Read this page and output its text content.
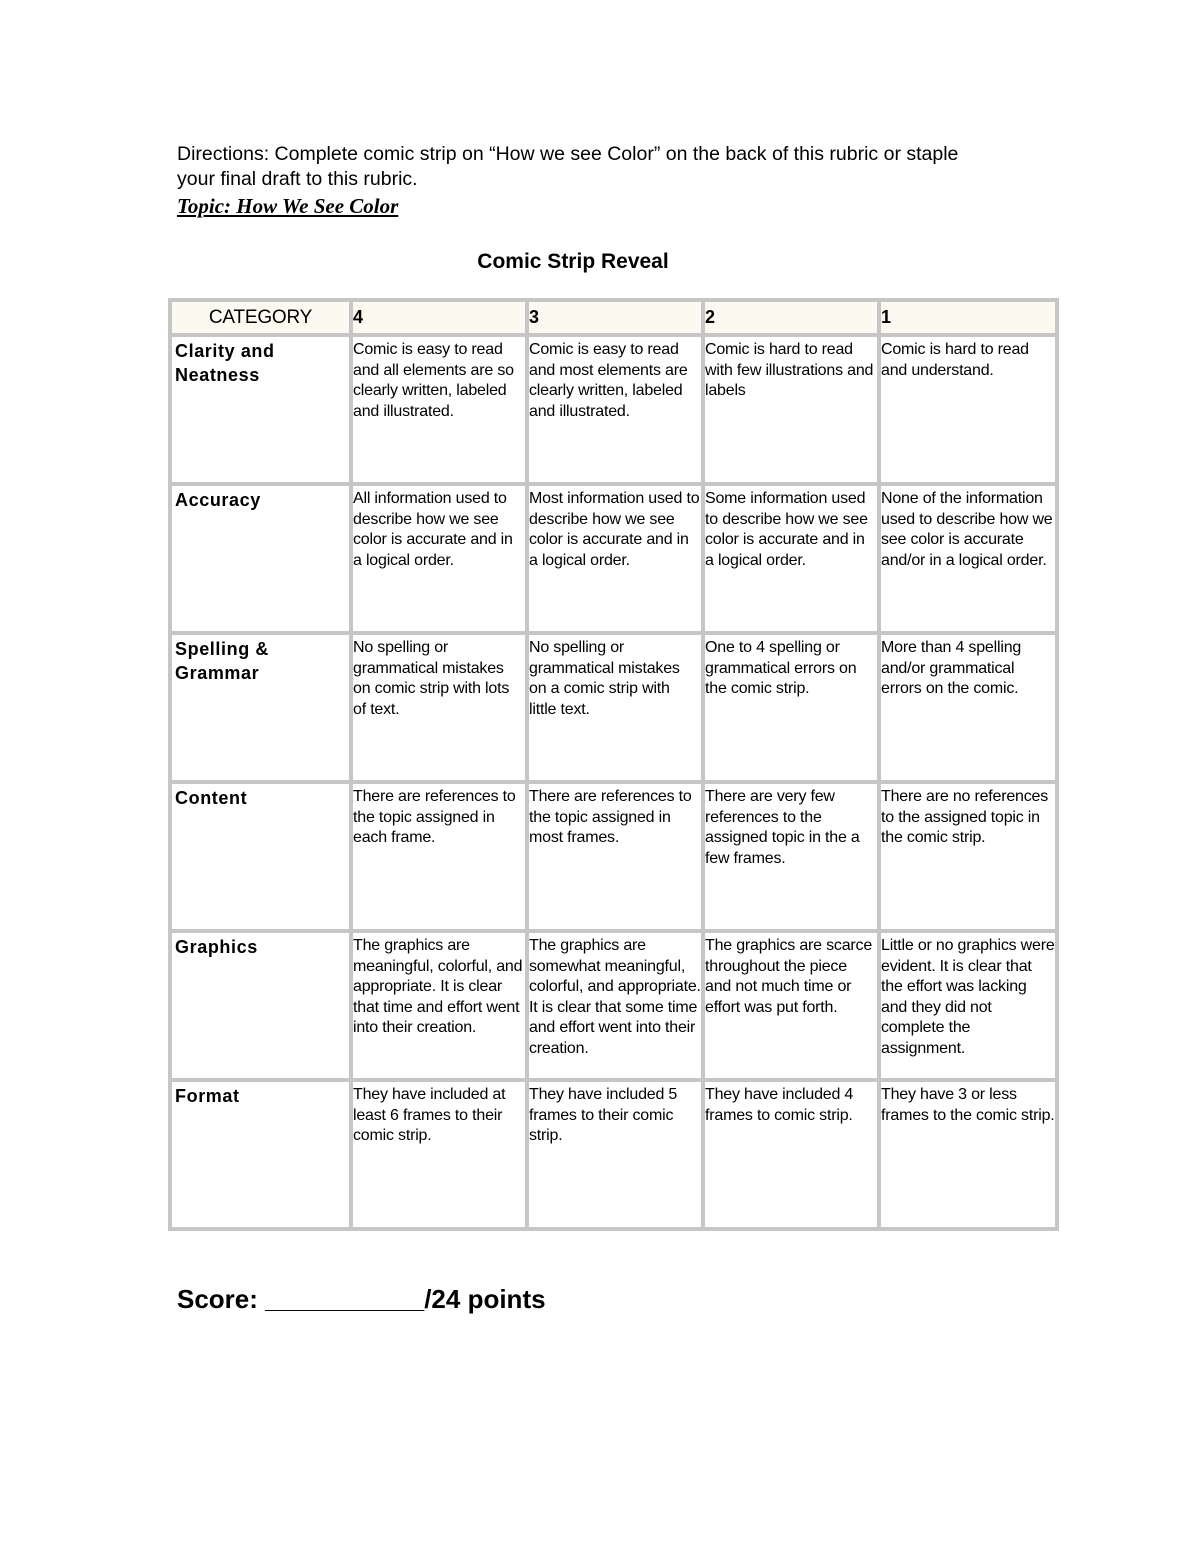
Directions: Complete comic strip on “How we see Color” on the back of this rubric or staple your final draft to this rubric.
Topic: How We See Color
Comic Strip Reveal
CATEGORY	4	3	2	1
Clarity and Neatness	Comic is easy to read and all elements are so clearly written, labeled and illustrated.	Comic is easy to read and most elements are clearly written, labeled and illustrated.	Comic is hard to read with few illustrations and labels	Comic is hard to read and understand.
Accuracy	All information used to describe how we see color is accurate and in a logical order.	Most information used to describe how we see color is accurate and in a logical order.	Some information used to describe how we see color is accurate and in a logical order.	None of the information used to describe how we see color is accurate and/or in a logical order.
Spelling & Grammar	No spelling or grammatical mistakes on comic strip with lots of text.	No spelling or grammatical mistakes on a comic strip with little text.	One to 4 spelling or grammatical errors on the comic strip.	More than 4 spelling and/or grammatical errors on the comic.
Content	There are references to the topic assigned in each frame.	There are references to the topic assigned in most frames.	There are very few references to the assigned topic in the a few frames.	There are no references to the assigned topic in the comic strip.
Graphics	The graphics are meaningful, colorful, and appropriate. It is clear that time and effort went into their creation.	The graphics are somewhat meaningful, colorful, and appropriate. It is clear that some time and effort went into their creation.	The graphics are scarce throughout the piece and not much time or effort was put forth.	Little or no graphics were evident. It is clear that the effort was lacking and they did not complete the assignment.
Format	They have included at least 6 frames to their comic strip.	They have included 5 frames to their comic strip.	They have included 4 frames to comic strip.	They have 3 or less frames to the comic strip.
Score: ___________/24 points
